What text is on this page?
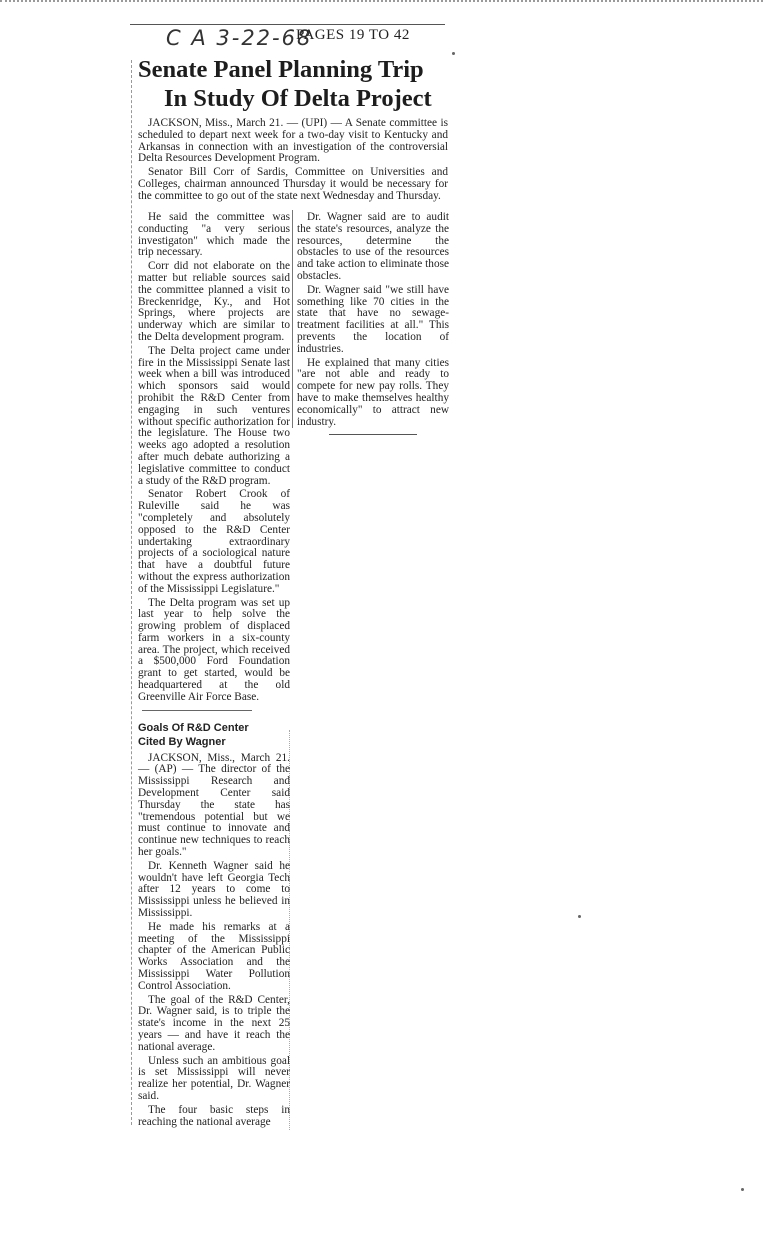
C A 3-22-68
PAGES 19 TO 42
Senate Panel Planning Trip
In Study Of Delta Project

JACKSON, Miss., March 21. — (UPI) — A Senate committee is scheduled to depart next week for a two-day visit to Kentucky and Arkansas in connection with an investigation of the controversial Delta Resources Development Program.

Senator Bill Corr of Sardis, Committee on Universities and Colleges, chairman announced Thursday it would be necessary for the committee to go out of the state next Wednesday and Thursday.

He said the committee was conducting "a very serious investigaton" which made the trip necessary.

Corr did not elaborate on the matter but reliable sources said the committee planned a visit to Breckenridge, Ky., and Hot Springs, where projects are underway which are similar to the Delta development program.

The Delta project came under fire in the Mississippi Senate last week when a bill was introduced which sponsors said would prohibit the R&D Center from engaging in such ventures without specific authorization for the legislature. The House two weeks ago adopted a resolution after much debate authorizing a legislative committee to conduct a study of the R&D program.

Senator Robert Crook of Ruleville said he was "completely and absolutely opposed to the R&D Center undertaking extraordinary projects of a sociological nature that have a doubtful future without the express authorization of the Mississippi Legislature."

The Delta program was set up last year to help solve the growing problem of displaced farm workers in a six-county area. The project, which received a $500,000 Ford Foundation grant to get started, would be headquartered at the old Greenville Air Force Base.

Goals Of R&D Center
Cited By Wagner

JACKSON, Miss., March 21. — (AP) — The director of the Mississippi Research and Development Center said Thursday the state has "tremendous potential but we must continue to innovate and continue new techniques to reach her goals."

Dr. Kenneth Wagner said he wouldn't have left Georgia Tech after 12 years to come to Mississippi unless he believed in Mississippi.

He made his remarks at a meeting of the Mississippi chapter of the American Public Works Association and the Mississippi Water Pollution Control Association.

The goal of the R&D Center, Dr. Wagner said, is to triple the state's income in the next 25 years — and have it reach the national average.

Unless such an ambitious goal is set Mississippi will never realize her potential, Dr. Wagner said.

The four basic steps in reaching the national average

Dr. Wagner said are to audit the state's resources, analyze the resources, determine the obstacles to use of the resources and take action to eliminate those obstacles.

Dr. Wagner said "we still have something like 70 cities in the state that have no sewage-treatment facilities at all." This prevents the location of industries.

He explained that many cities "are not able and ready to compete for new pay rolls. They have to make themselves healthy economically" to attract new industry.
